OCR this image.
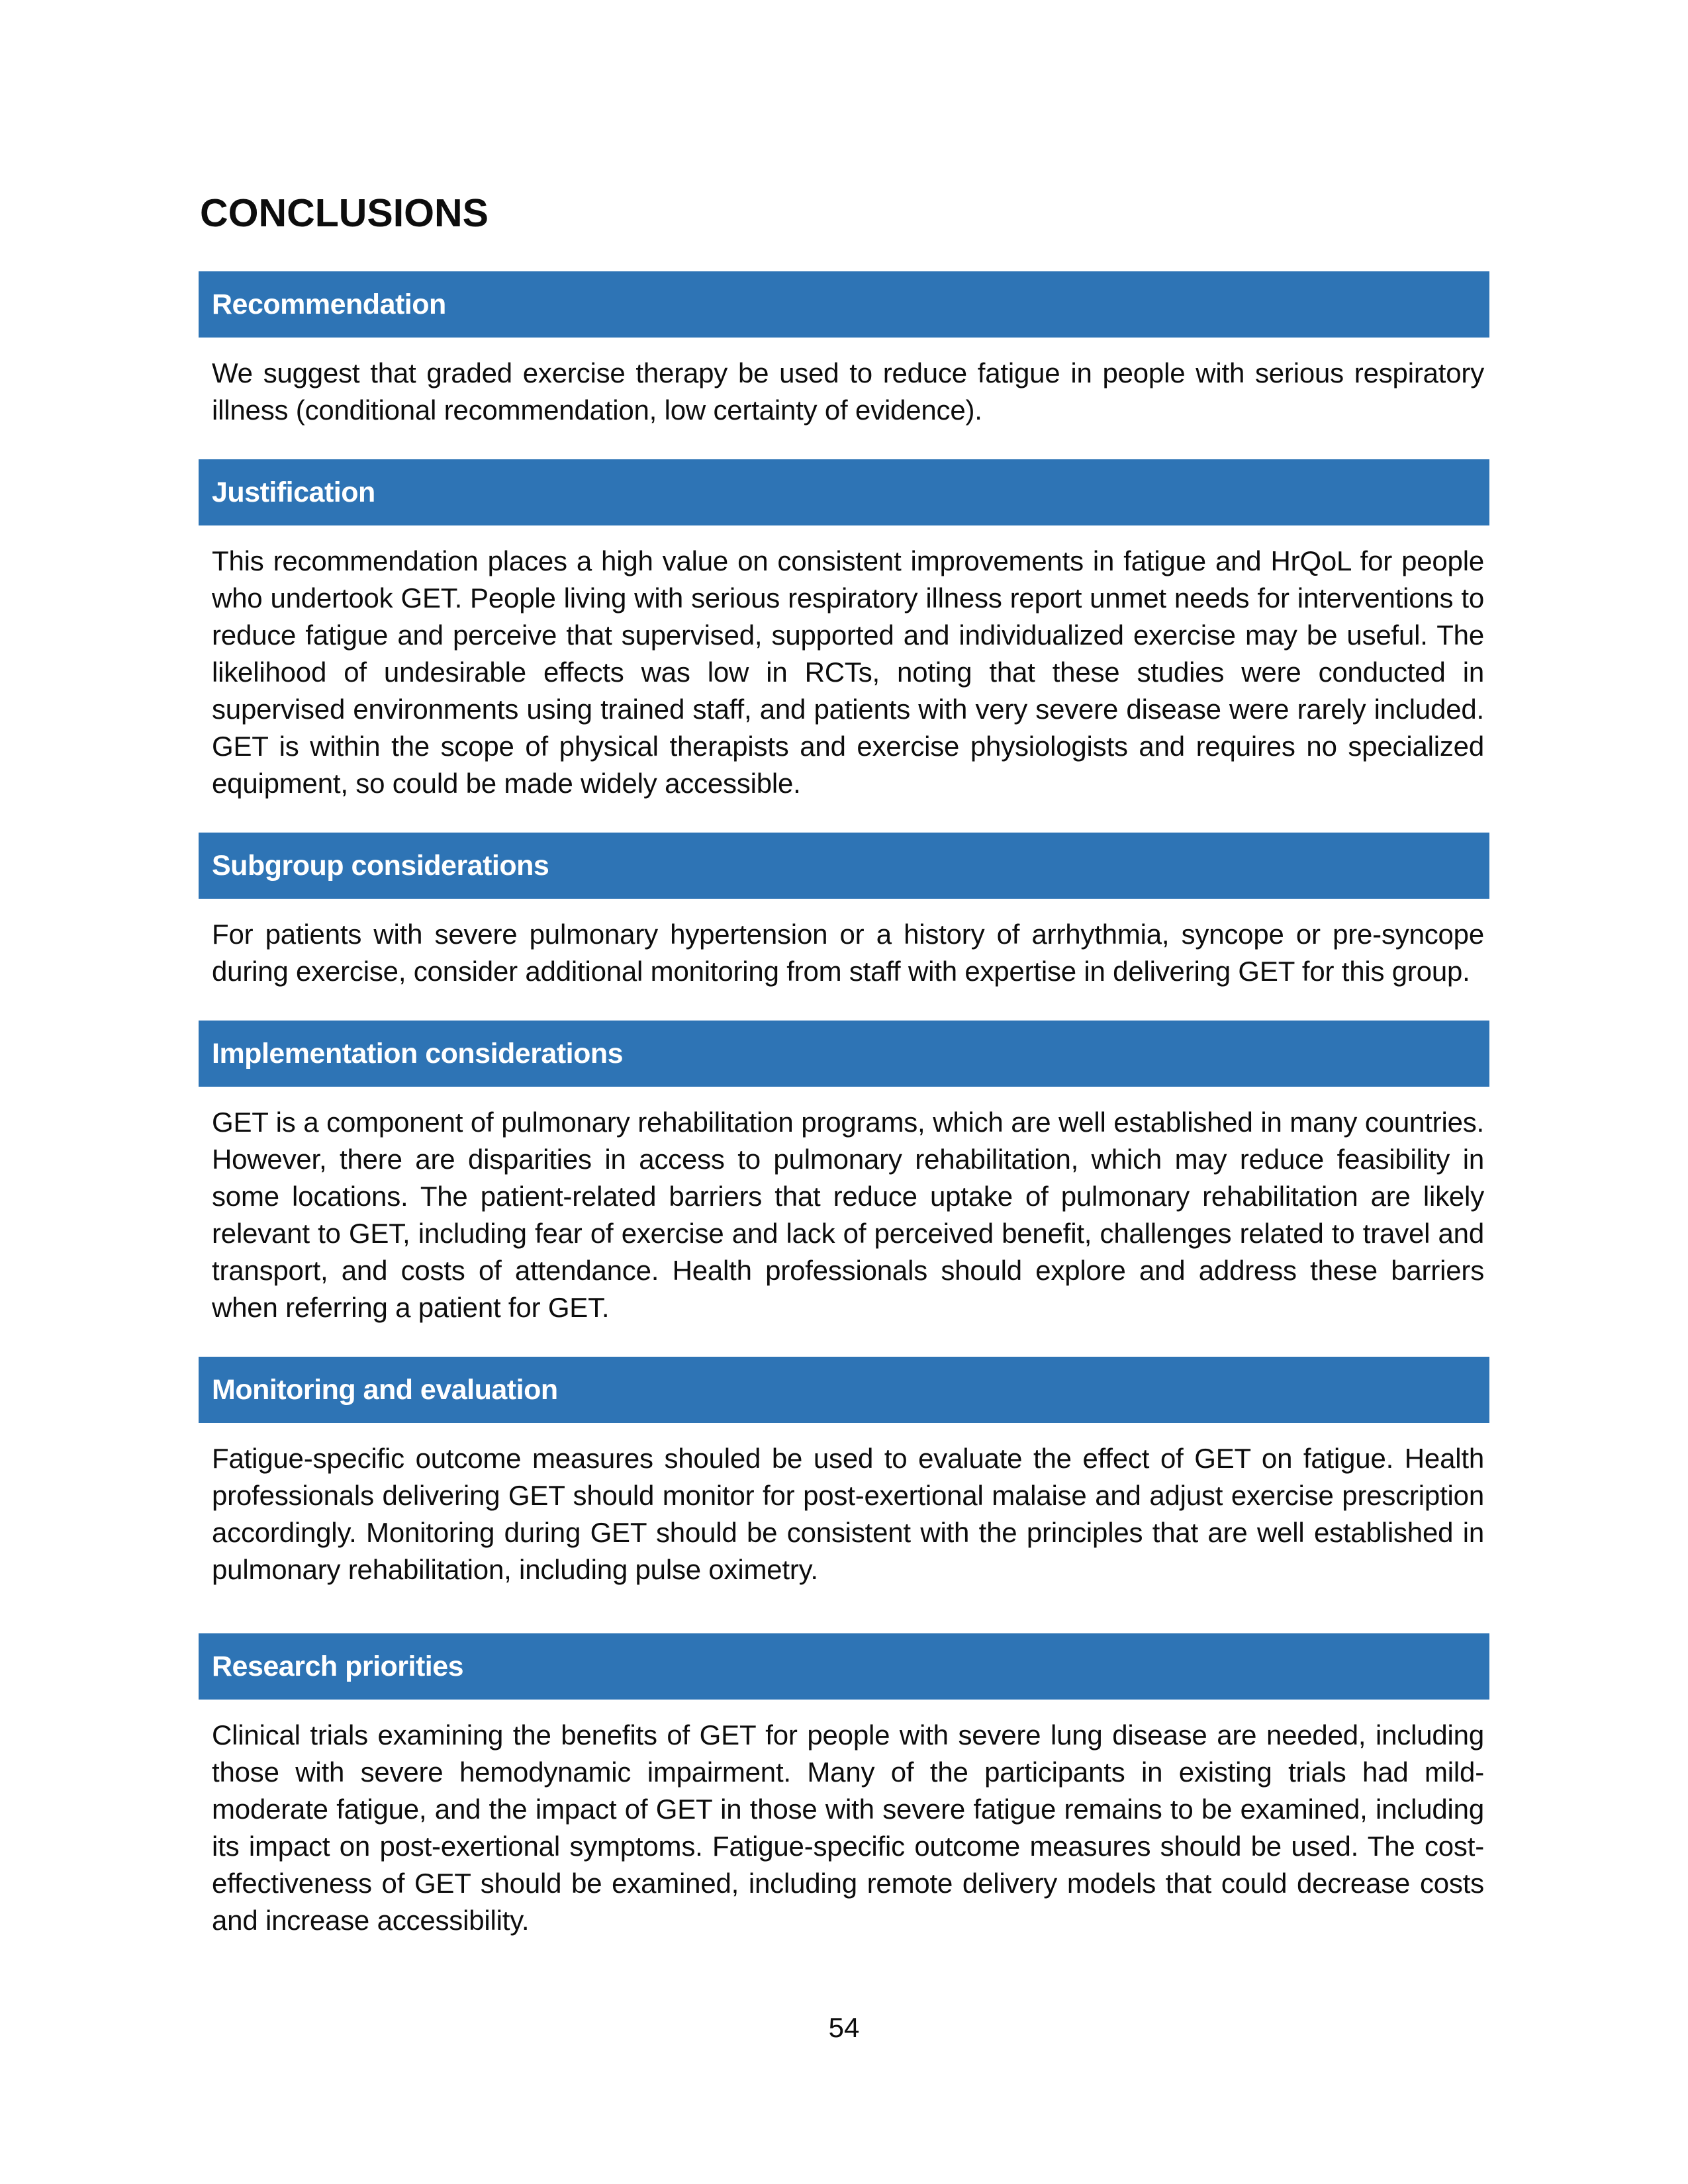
CONCLUSIONS
Recommendation

We suggest that graded exercise therapy be used to reduce fatigue in people with serious respiratory illness (conditional recommendation, low certainty of evidence).

Justification

This recommendation places a high value on consistent improvements in fatigue and HrQoL for people who undertook GET. People living with serious respiratory illness report unmet needs for interventions to reduce fatigue and perceive that supervised, supported and individualized exercise may be useful. The likelihood of undesirable effects was low in RCTs, noting that these studies were conducted in supervised environments using trained staff, and patients with very severe disease were rarely included. GET is within the scope of physical therapists and exercise physiologists and requires no specialized equipment, so could be made widely accessible.

Subgroup considerations

For patients with severe pulmonary hypertension or a history of arrhythmia, syncope or pre-syncope during exercise, consider additional monitoring from staff with expertise in delivering GET for this group.

Implementation considerations

GET is a component of pulmonary rehabilitation programs, which are well established in many countries. However, there are disparities in access to pulmonary rehabilitation, which may reduce feasibility in some locations. The patient-related barriers that reduce uptake of pulmonary rehabilitation are likely relevant to GET, including fear of exercise and lack of perceived benefit, challenges related to travel and transport, and costs of attendance. Health professionals should explore and address these barriers when referring a patient for GET.

Monitoring and evaluation

Fatigue-specific outcome measures shouled be used to evaluate the effect of GET on fatigue. Health professionals delivering GET should monitor for post-exertional malaise and adjust exercise prescription accordingly. Monitoring during GET should be consistent with the principles that are well established in pulmonary rehabilitation, including pulse oximetry.

Research priorities

Clinical trials examining the benefits of GET for people with severe lung disease are needed, including those with severe hemodynamic impairment. Many of the participants in existing trials had mild-moderate fatigue, and the impact of GET in those with severe fatigue remains to be examined, including its impact on post-exertional symptoms. Fatigue-specific outcome measures should be used. The cost-effectiveness of GET should be examined, including remote delivery models that could decrease costs and increase accessibility.

54
